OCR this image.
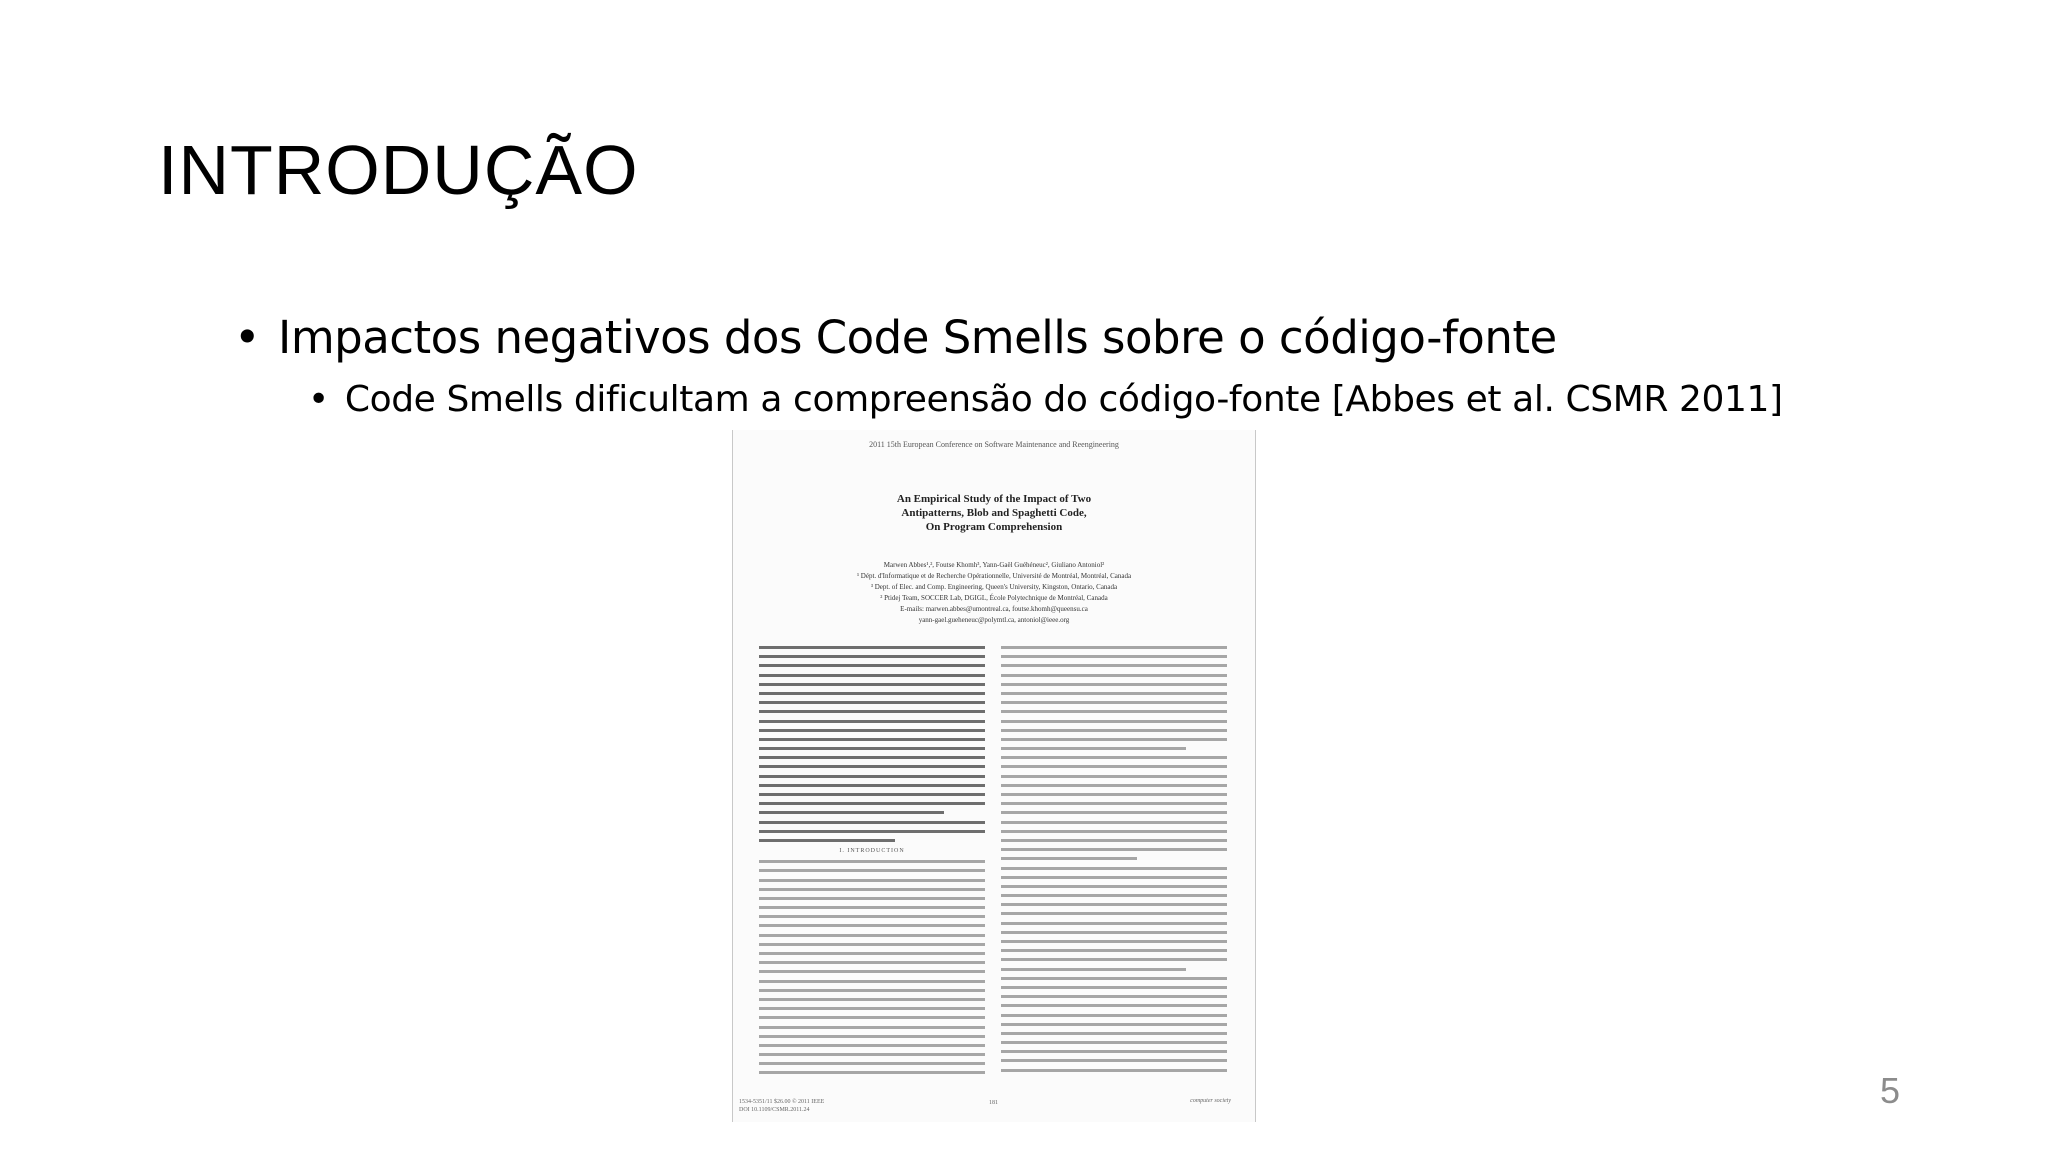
INTRODUÇÃO
• Impactos negativos dos Code Smells sobre o código-fonte
• Code Smells dificultam a compreensão do código-fonte [Abbes et al. CSMR 2011]
2011 15th European Conference on Software Maintenance and Reengineering
An Empirical Study of the Impact of Two
Antipatterns, Blob and Spaghetti Code,
On Program Comprehension
Marwen Abbes¹,², Foutse Khomh³, Yann-Gaël Guéhéneuc², Giuliano Antoniol²
¹ Dépt. d'Informatique et de Recherche Opérationnelle, Université de Montréal, Montréal, Canada
³ Dept. of Elec. and Comp. Engineering, Queen's University, Kingston, Ontario, Canada
² Ptidej Team, SOCCER Lab, DGIGL, École Polytechnique de Montréal, Canada
E-mails: marwen.abbes@umontreal.ca, foutse.khomh@queensu.ca
yann-gael.gueheneuc@polymtl.ca, antoniol@ieee.org
I. INTRODUCTION
1534-5351/11 $26.00 © 2011 IEEE
DOI 10.1109/CSMR.2011.24
181	computer society	5
